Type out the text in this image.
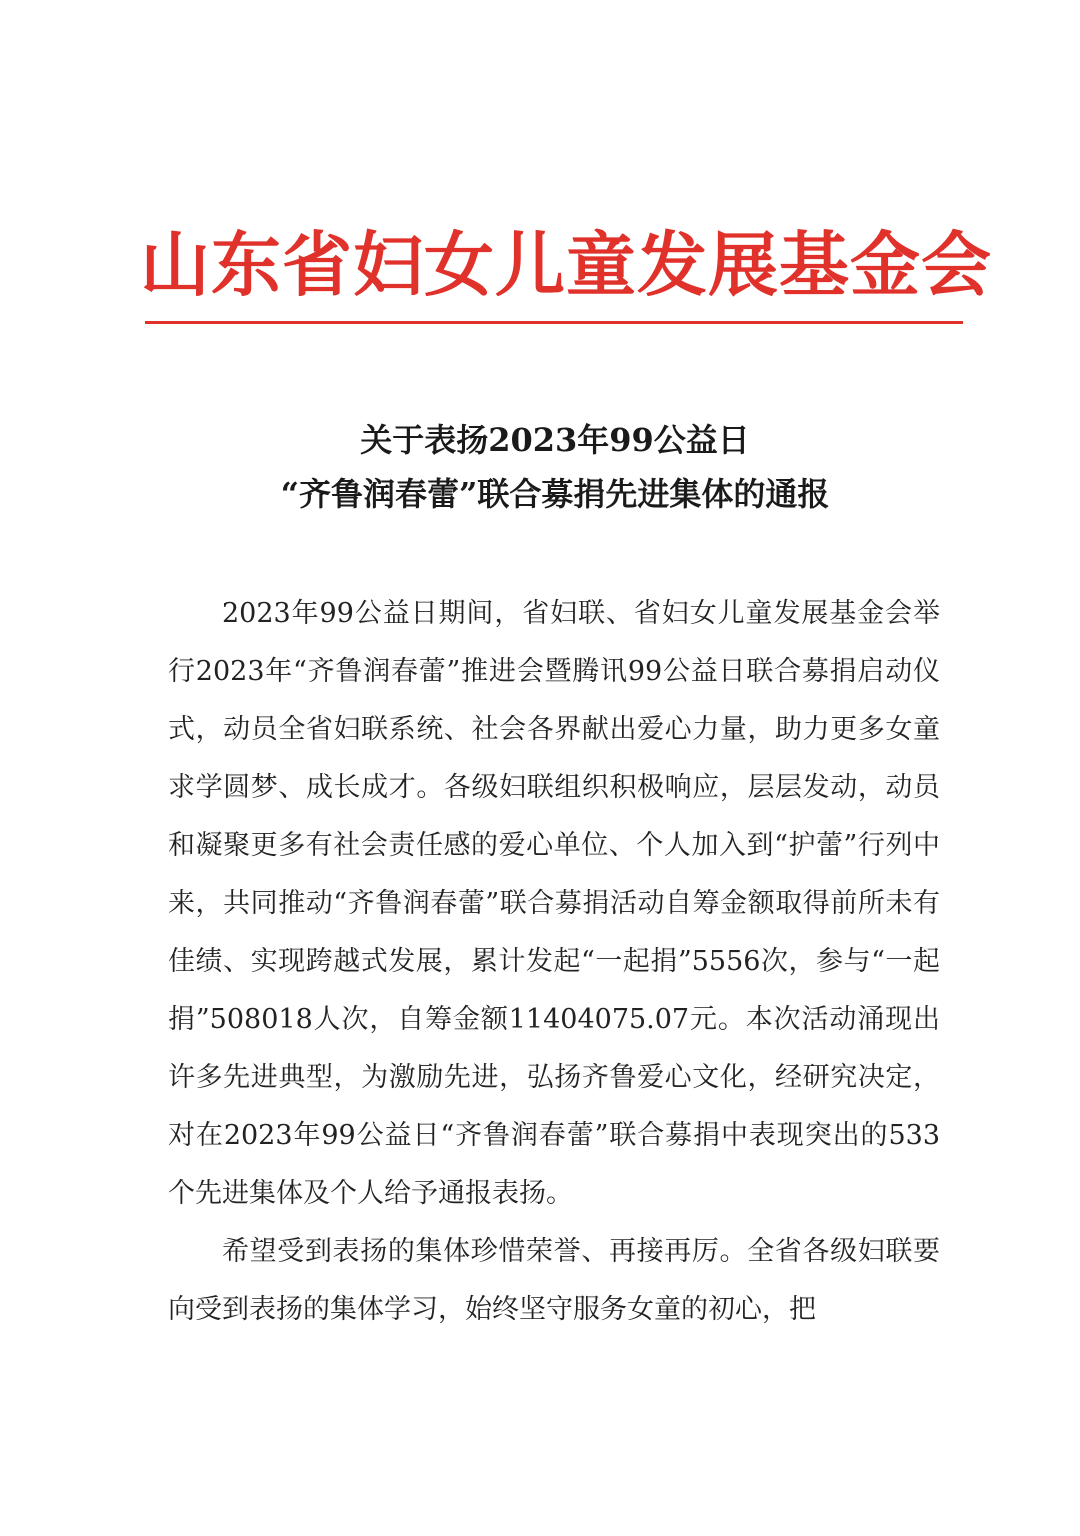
山东省妇女儿童发展基金会
关于表扬2023年99公益日
“齐鲁润春蕾”联合募捐先进集体的通报

2023年99公益日期间，省妇联、省妇女儿童发展基金会举行2023年“齐鲁润春蕾”推进会暨腾讯99公益日联合募捐启动仪式，动员全省妇联系统、社会各界献出爱心力量，助力更多女童求学圆梦、成长成才。各级妇联组织积极响应，层层发动，动员和凝聚更多有社会责任感的爱心单位、个人加入到“护蕾”行列中来，共同推动“齐鲁润春蕾”联合募捐活动自筹金额取得前所未有佳绩、实现跨越式发展，累计发起“一起捐”5556次，参与“一起捐”508018人次，自筹金额11404075.07元。本次活动涌现出许多先进典型，为激励先进，弘扬齐鲁爱心文化，经研究决定，对在2023年99公益日“齐鲁润春蕾”联合募捐中表现突出的533个先进集体及个人给予通报表扬。

希望受到表扬的集体珍惜荣誉、再接再厉。全省各级妇联要向受到表扬的集体学习，始终坚守服务女童的初心，把
